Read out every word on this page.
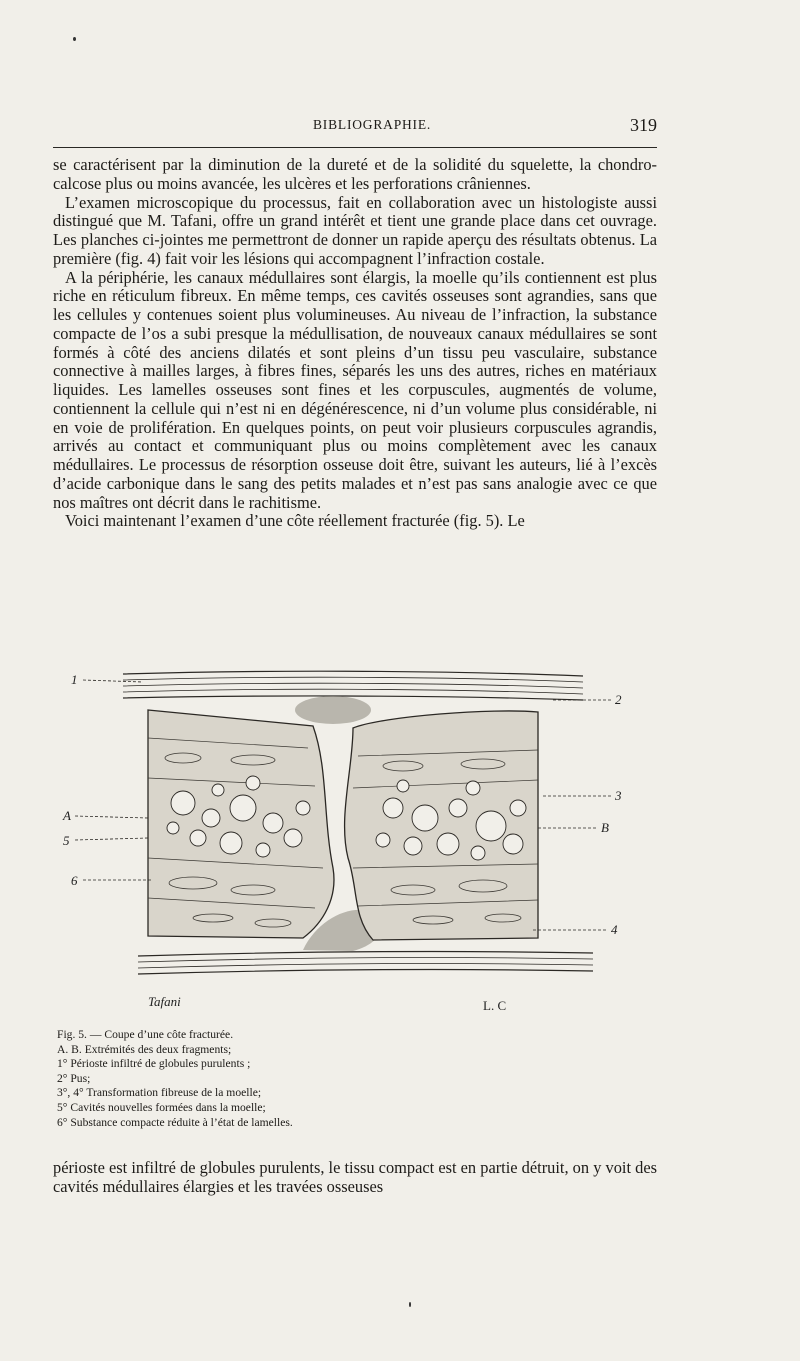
BIBLIOGRAPHIE.	319

se caractérisent par la diminution de la dureté et de la solidité du squelette, la chondro-calcose plus ou moins avancée, les ulcères et les perforations crâniennes.

L’examen microscopique du processus, fait en collaboration avec un histologiste aussi distingué que M. Tafani, offre un grand intérêt et tient une grande place dans cet ouvrage. Les planches ci-jointes me permettront de donner un rapide aperçu des résultats obtenus. La première (fig. 4) fait voir les lésions qui accompagnent l’infraction costale.

A la périphérie, les canaux médullaires sont élargis, la moelle qu’ils contiennent est plus riche en réticulum fibreux. En même temps, ces cavités osseuses sont agrandies, sans que les cellules y contenues soient plus volumineuses. Au niveau de l’infraction, la substance compacte de l’os a subi presque la médullisation, de nouveaux canaux médullaires se sont formés à côté des anciens dilatés et sont pleins d’un tissu peu vasculaire, substance connective à mailles larges, à fibres fines, séparés les uns des autres, riches en matériaux liquides. Les lamelles osseuses sont fines et les corpuscules, augmentés de volume, contiennent la cellule qui n’est ni en dégénérescence, ni d’un volume plus considérable, ni en voie de prolifération. En quelques points, on peut voir plusieurs corpuscules agrandis, arrivés au contact et communiquant plus ou moins complètement avec les canaux médullaires. Le processus de résorption osseuse doit être, suivant les auteurs, lié à l’excès d’acide carbonique dans le sang des petits malades et n’est pas sans analogie avec ce que nos maîtres ont décrit dans le rachitisme.

Voici maintenant l’examen d’une côte réellement fracturée (fig. 5). Le

1
2
3
A
B
5
6
4
Tafani	L. C
Fig. 5. — Coupe d’une côte fracturée.
A. B. Extrémités des deux fragments;
1° Périoste infiltré de globules purulents ;
2° Pus;
3°, 4° Transformation fibreuse de la moelle;
5° Cavités nouvelles formées dans la moelle;
6° Substance compacte réduite à l’état de lamelles.

périoste est infiltré de globules purulents, le tissu compact est en partie détruit, on y voit des cavités médullaires élargies et les travées osseuses
